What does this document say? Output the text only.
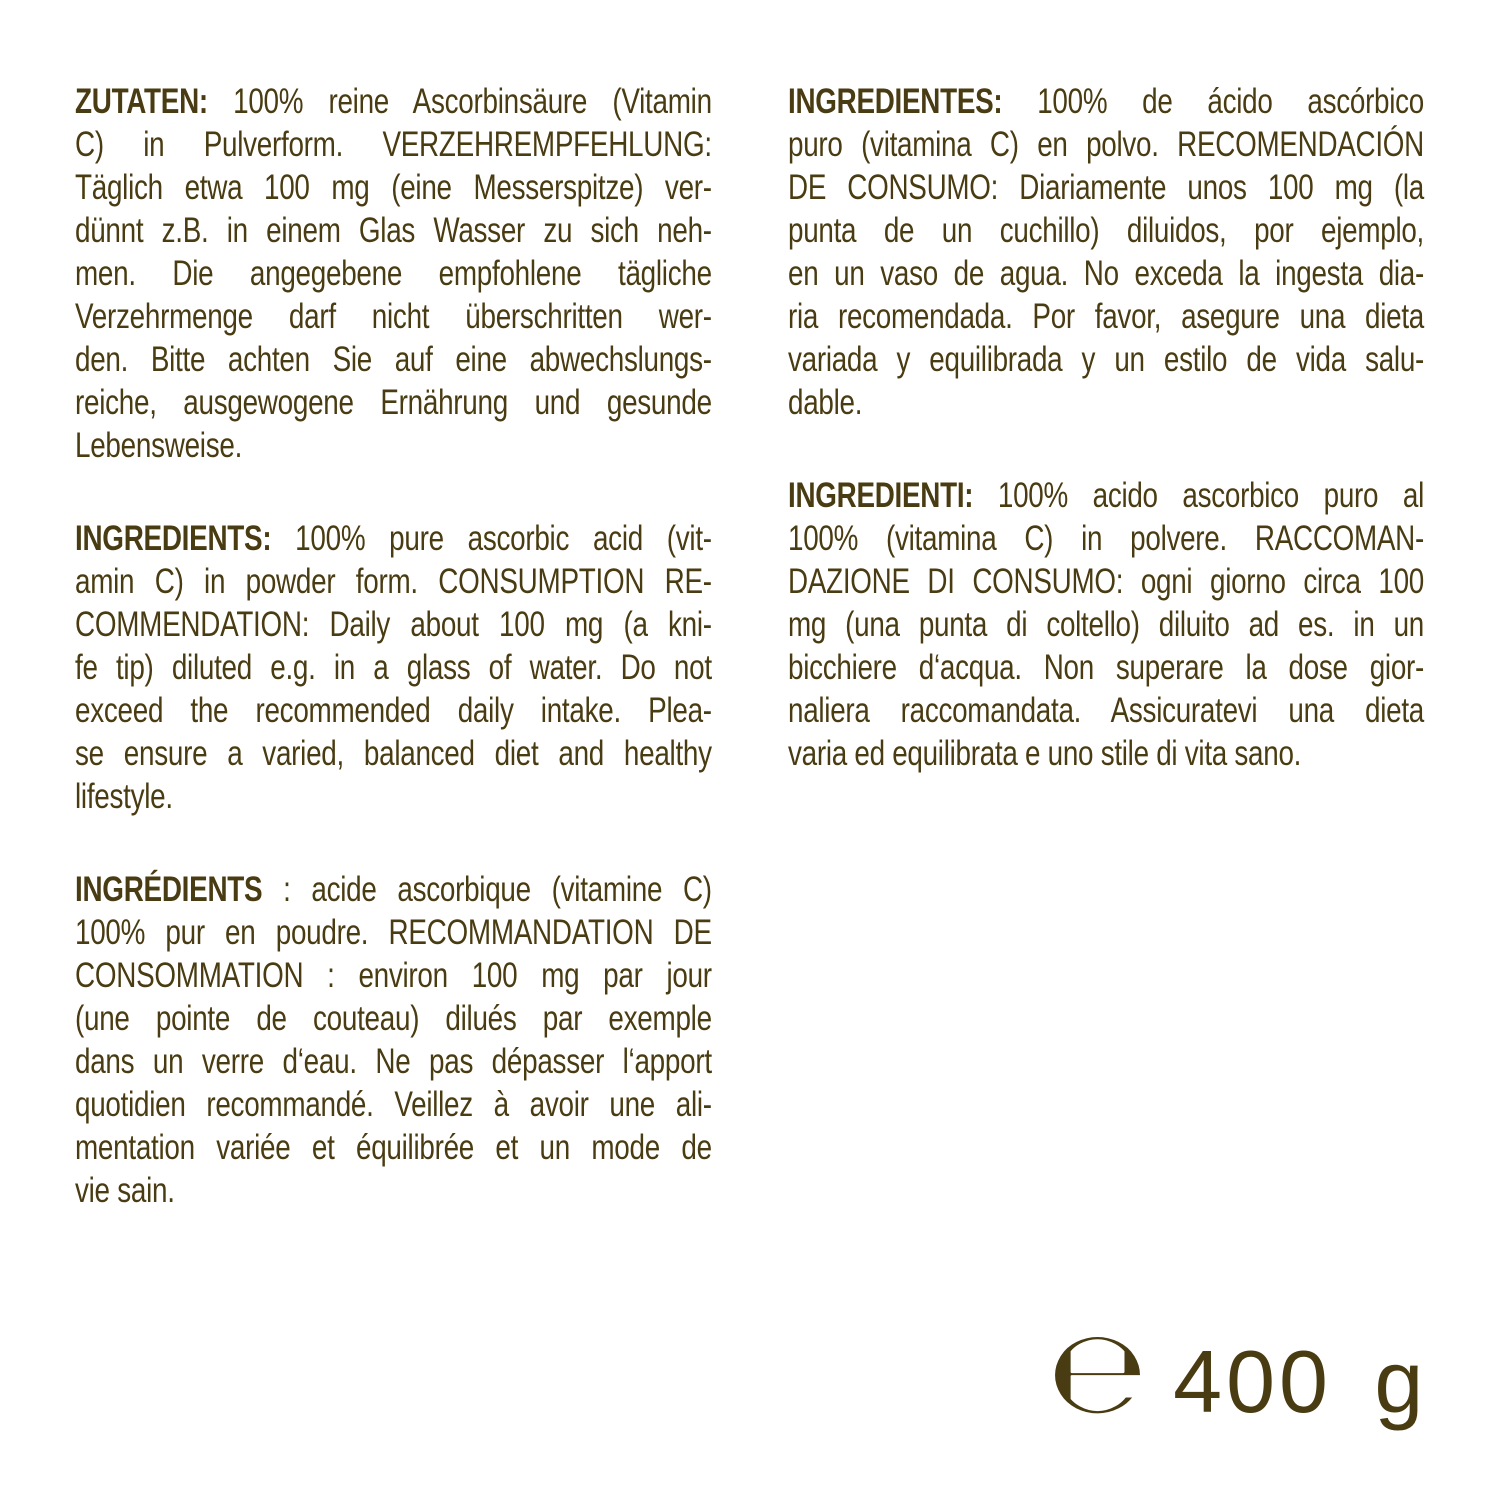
ZUTATEN: 100% reine Ascorbinsäure (Vitamin
C) in Pulverform. VERZEHREMPFEHLUNG:
Täglich etwa 100 mg (eine Messerspitze) ver-
dünnt z.B. in einem Glas Wasser zu sich neh-
men. Die angegebene empfohlene tägliche
Verzehrmenge darf nicht überschritten wer-
den. Bitte achten Sie auf eine abwechslungs-
reiche, ausgewogene Ernährung und gesunde
Lebensweise.
INGREDIENTS: 100% pure ascorbic acid (vit-
amin C) in powder form. CONSUMPTION RE-
COMMENDATION: Daily about 100 mg (a kni-
fe tip) diluted e.g. in a glass of water. Do not
exceed the recommended daily intake. Plea-
se ensure a varied, balanced diet and healthy
lifestyle.
INGRÉDIENTS : acide ascorbique (vitamine C)
100% pur en poudre. RECOMMANDATION DE
CONSOMMATION : environ 100 mg par jour
(une pointe de couteau) dilués par exemple
dans un verre d‘eau. Ne pas dépasser l‘apport
quotidien recommandé. Veillez à avoir une ali-
mentation variée et équilibrée et un mode de
vie sain.
INGREDIENTES: 100% de ácido ascórbico
puro (vitamina C) en polvo. RECOMENDACIÓN
DE CONSUMO: Diariamente unos 100 mg (la
punta de un cuchillo) diluidos, por ejemplo,
en un vaso de agua. No exceda la ingesta dia-
ria recomendada. Por favor, asegure una dieta
variada y equilibrada y un estilo de vida salu-
dable.
INGREDIENTI: 100% acido ascorbico puro al
100% (vitamina C) in polvere. RACCOMAN-
DAZIONE DI CONSUMO: ogni giorno circa 100
mg (una punta di coltello) diluito ad es. in un
bicchiere d‘acqua. Non superare la dose gior-
naliera raccomandata. Assicuratevi una dieta
varia ed equilibrata e uno stile di vita sano.
℮ 400 g
